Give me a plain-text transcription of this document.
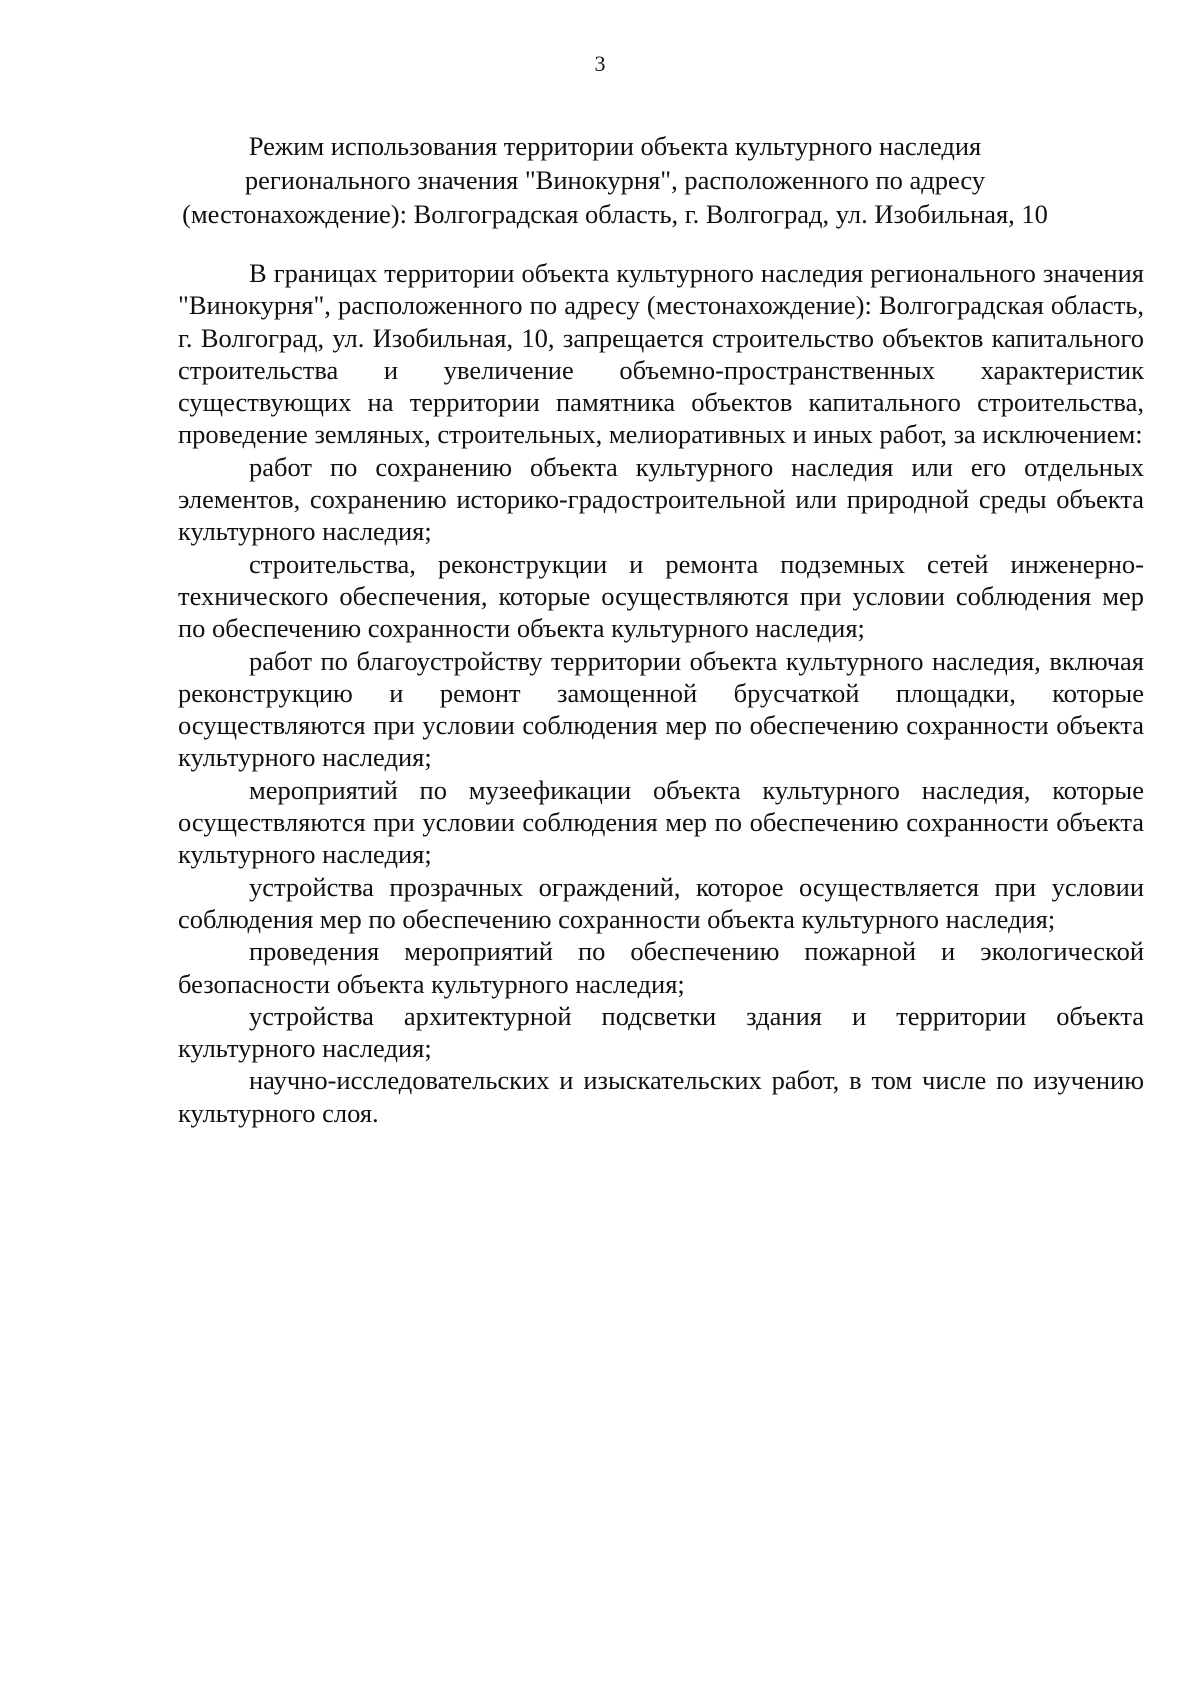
3
Режим использования территории объекта культурного наследия
регионального значения "Винокурня", расположенного по адресу
(местонахождение): Волгоградская область, г. Волгоград, ул. Изобильная, 10

В границах территории объекта культурного наследия регионального значения "Винокурня", расположенного по адресу (местонахождение): Волгоградская область, г. Волгоград, ул. Изобильная, 10, запрещается строительство объектов капитального строительства и увеличение объемно-пространственных характеристик существующих на территории памятника объектов капитального строительства, проведение земляных, строительных, мелиоративных и иных работ, за исключением:

работ по сохранению объекта культурного наследия или его отдельных элементов, сохранению историко-градостроительной или природной среды объекта культурного наследия;

строительства, реконструкции и ремонта подземных сетей инженерно-технического обеспечения, которые осуществляются при условии соблюдения мер по обеспечению сохранности объекта культурного наследия;

работ по благоустройству территории объекта культурного наследия, включая реконструкцию и ремонт замощенной брусчаткой площадки, которые осуществляются при условии соблюдения мер по обеспечению сохранности объекта культурного наследия;

мероприятий по музеефикации объекта культурного наследия, которые осуществляются при условии соблюдения мер по обеспечению сохранности объекта культурного наследия;

устройства прозрачных ограждений, которое осуществляется при условии соблюдения мер по обеспечению сохранности объекта культурного наследия;

проведения мероприятий по обеспечению пожарной и экологической безопасности объекта культурного наследия;

устройства архитектурной подсветки здания и территории объекта культурного наследия;

научно-исследовательских и изыскательских работ, в том числе по изучению культурного слоя.
